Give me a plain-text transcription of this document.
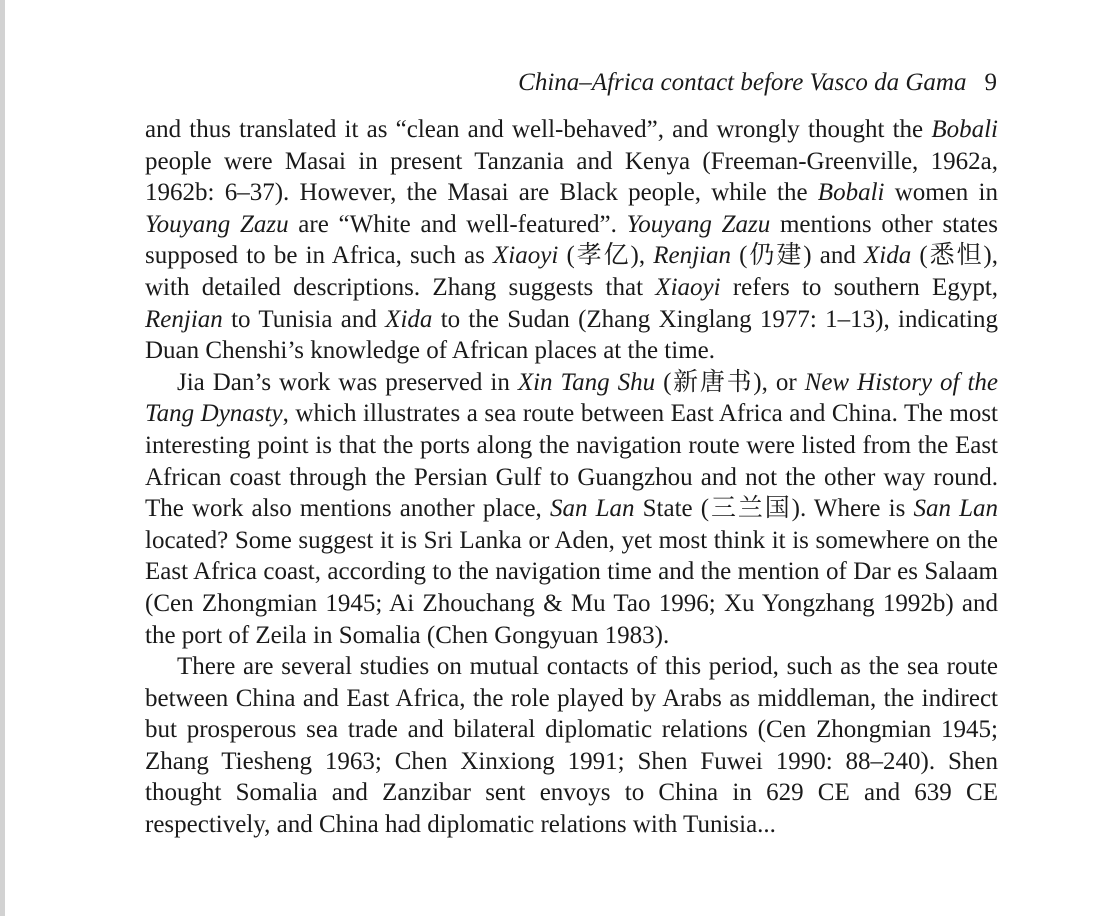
China–Africa contact before Vasco da Gama 9

and thus translated it as “clean and well-behaved”, and wrongly thought the Bobali people were Masai in present Tanzania and Kenya (Freeman-Greenville, 1962a, 1962b: 6–37). However, the Masai are Black people, while the Bobali women in Youyang Zazu are “White and well-featured”. Youyang Zazu mentions other states supposed to be in Africa, such as Xiaoyi (孝亿), Renjian (仍建) and Xida (悉怛), with detailed descriptions. Zhang suggests that Xiaoyi refers to southern Egypt, Renjian to Tunisia and Xida to the Sudan (Zhang Xinglang 1977: 1–13), indicating Duan Chenshi’s knowledge of African places at the time.

Jia Dan’s work was preserved in Xin Tang Shu (新唐书), or New History of the Tang Dynasty, which illustrates a sea route between East Africa and China. The most interesting point is that the ports along the navigation route were listed from the East African coast through the Persian Gulf to Guangzhou and not the other way round. The work also mentions another place, San Lan State (三兰国). Where is San Lan located? Some suggest it is Sri Lanka or Aden, yet most think it is somewhere on the East Africa coast, according to the navigation time and the mention of Dar es Salaam (Cen Zhongmian 1945; Ai Zhouchang & Mu Tao 1996; Xu Yongzhang 1992b) and the port of Zeila in Somalia (Chen Gongyuan 1983).

There are several studies on mutual contacts of this period, such as the sea route between China and East Africa, the role played by Arabs as middleman, the indirect but prosperous sea trade and bilateral diplomatic relations (Cen Zhongmian 1945; Zhang Tiesheng 1963; Chen Xinxiong 1991; Shen Fuwei 1990: 88–240). Shen thought Somalia and Zanzibar sent envoys to China in 629 CE and 639 CE respectively, and China had diplomatic relations with Tunisia...
